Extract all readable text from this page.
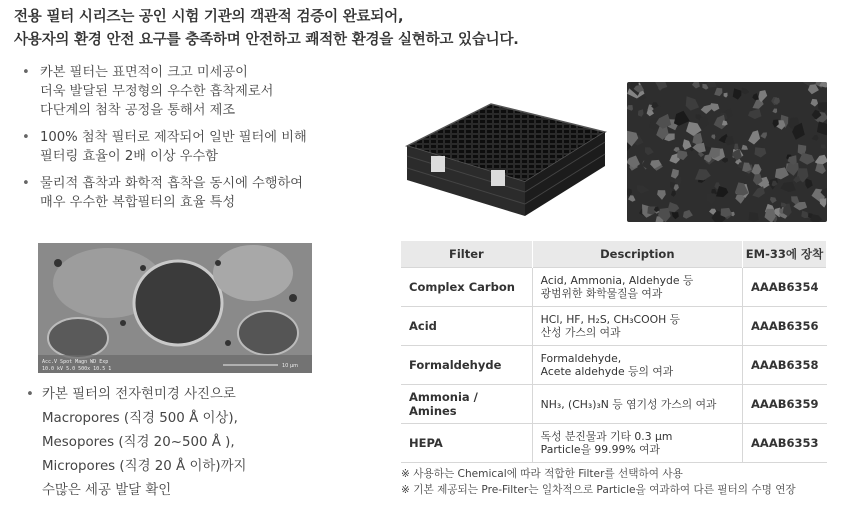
전용 필터 시리즈는 공인 시험 기관의 객관적 검증이 완료되어,
사용자의 환경 안전 요구를 충족하며 안전하고 쾌적한 환경을 실현하고 있습니다.
• 카본 필터는 표면적이 크고 미세공이
더욱 발달된 무정형의 우수한 흡착제로서
다단계의 첨착 공정을 통해서 제조
• 100% 첨착 필터로 제작되어 일반 필터에 비해
필터링 효율이 2배 이상 우수함
• 물리적 흡착과 화학적 흡착을 동시에 수행하여
매우 우수한 복합필터의 효율 특성
Acc.V Spot Magn WD Exp
10.0 kV 5.0 500x 10.5 1	10 μm
• 카본 필터의 전자현미경 사진으로
Macropores (직경 500 Å 이상),
Mesopores (직경 20~500 Å ),
Micropores (직경 20 Å 이하)까지
수많은 세공 발달 확인
Filter	Description	EM-33에 장착
Complex Carbon	Acid, Ammonia, Aldehyde 등
광범위한 화학물질을 여과	AAAB6354
Acid	HCl, HF, H₂S, CH₃COOH 등
산성 가스의 여과	AAAB6356
Formaldehyde	Formaldehyde,
Acete aldehyde 등의 여과	AAAB6358
Ammonia / Amines	NH₃, (CH₃)₃N 등 염기성 가스의 여과	AAAB6359
HEPA	독성 분진물과 기타 0.3 μm
Particle을 99.99% 여과	AAAB6353
※ 사용하는 Chemical에 따라 적합한 Filter를 선택하여 사용
※ 기본 제공되는 Pre-Filter는 일차적으로 Particle을 여과하여 다른 필터의 수명 연장
